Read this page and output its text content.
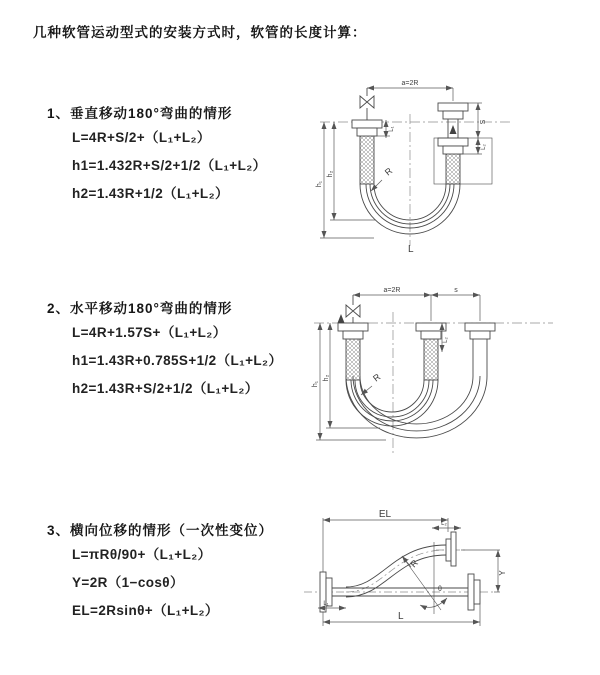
几种软管运动型式的安装方式时，软管的长度计算：
1、垂直移动180°弯曲的情形
L=4R+S/2+（L₁+L₂）
h1=1.432R+S/2+1/2（L₁+L₂）
h2=1.43R+1/2（L₁+L₂）
2、水平移动180°弯曲的情形
L=4R+1.57S+（L₁+L₂）
h1=1.43R+0.785S+1/2（L₁+L₂）
h2=1.43R+S/2+1/2（L₁+L₂）
3、横向位移的情形（一次性变位）
L=πRθ/90+（L₁+L₂）
Y=2R（1−cosθ）
EL=2Rsinθ+（L₁+L₂）
a=2R
h₁
h₂
L₁
S
L₂
R
L
a=2R	s
h₁
h₂
L₂
R
EL
L₂
Y
L
L₁
R
θ
